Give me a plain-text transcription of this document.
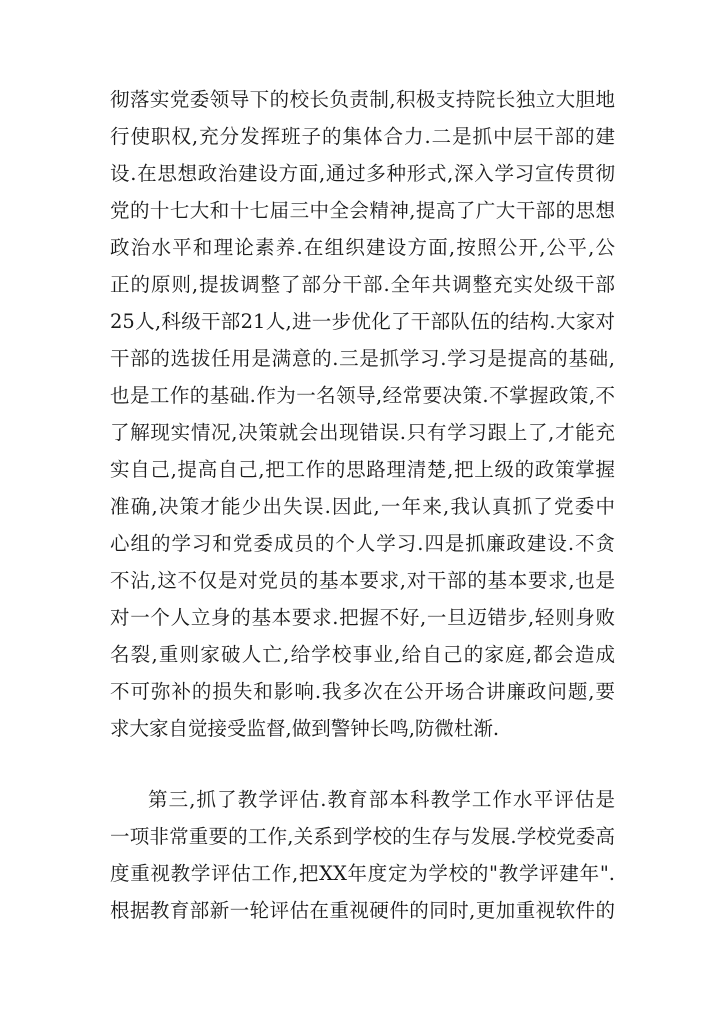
彻落实党委领导下的校长负责制,积极支持院长独立大胆地
行使职权,充分发挥班子的集体合力.二是抓中层干部的建
设.在思想政治建设方面,通过多种形式,深入学习宣传贯彻
党的十七大和十七届三中全会精神,提高了广大干部的思想
政治水平和理论素养.在组织建设方面,按照公开,公平,公
正的原则,提拔调整了部分干部.全年共调整充实处级干部
25人,科级干部21人,进一步优化了干部队伍的结构.大家对
干部的选拔任用是满意的.三是抓学习.学习是提高的基础,
也是工作的基础.作为一名领导,经常要决策.不掌握政策,不
了解现实情况,决策就会出现错误.只有学习跟上了,才能充
实自己,提高自己,把工作的思路理清楚,把上级的政策掌握
准确,决策才能少出失误.因此,一年来,我认真抓了党委中
心组的学习和党委成员的个人学习.四是抓廉政建设.不贪
不沾,这不仅是对党员的基本要求,对干部的基本要求,也是
对一个人立身的基本要求.把握不好,一旦迈错步,轻则身败
名裂,重则家破人亡,给学校事业,给自己的家庭,都会造成
不可弥补的损失和影响.我多次在公开场合讲廉政问题,要
求大家自觉接受监督,做到警钟长鸣,防微杜渐.
第三,抓了教学评估.教育部本科教学工作水平评估是
一项非常重要的工作,关系到学校的生存与发展.学校党委高
度重视教学评估工作,把XX年度定为学校的"教学评建年".
根据教育部新一轮评估在重视硬件的同时,更加重视软件的
